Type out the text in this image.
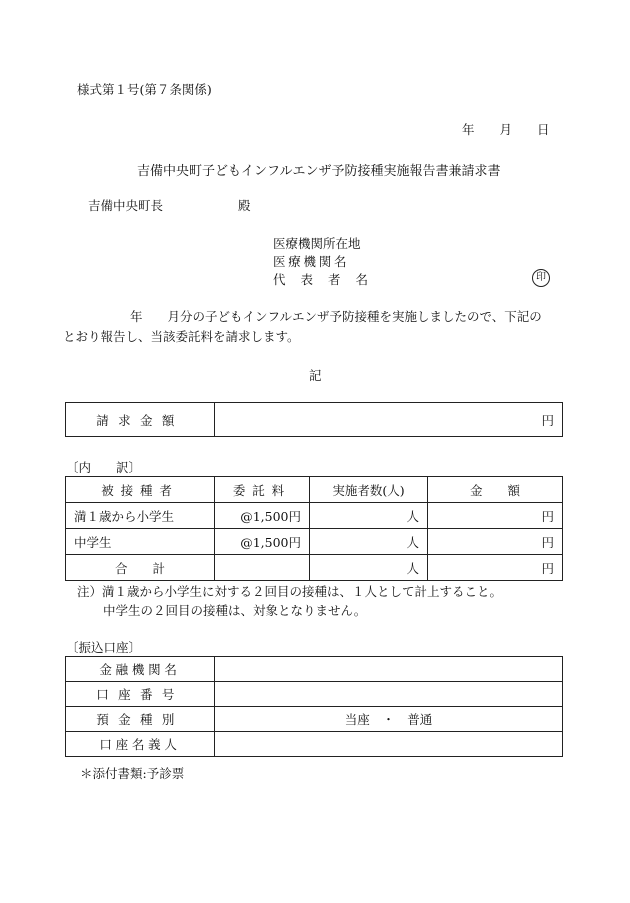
様式第１号(第７条関係)
年　　月　　日
吉備中央町子どもインフルエンザ予防接種実施報告書兼請求書
吉備中央町長　　　　　　殿
医療機関所在地
医療機関名
代表者名	印
年　　月分の子どもインフルエンザ予防接種を実施しましたので、下記の
とおり報告し、当該委託料を請求します。
記
請求金額	円
〔内　　訳〕
被接種者	委託料	実施者数(人)	金　　額
満１歳から小学生	@1,500円	人	円
中学生	@1,500円	人	円
合　　計		人	円
注）満１歳から小学生に対する２回目の接種は、１人として計上すること。
中学生の２回目の接種は、対象となりません。
〔振込口座〕
金融機関名	
口座番号	
預金種別	当座　・　普通
口座名義人	
＊添付書類:予診票
